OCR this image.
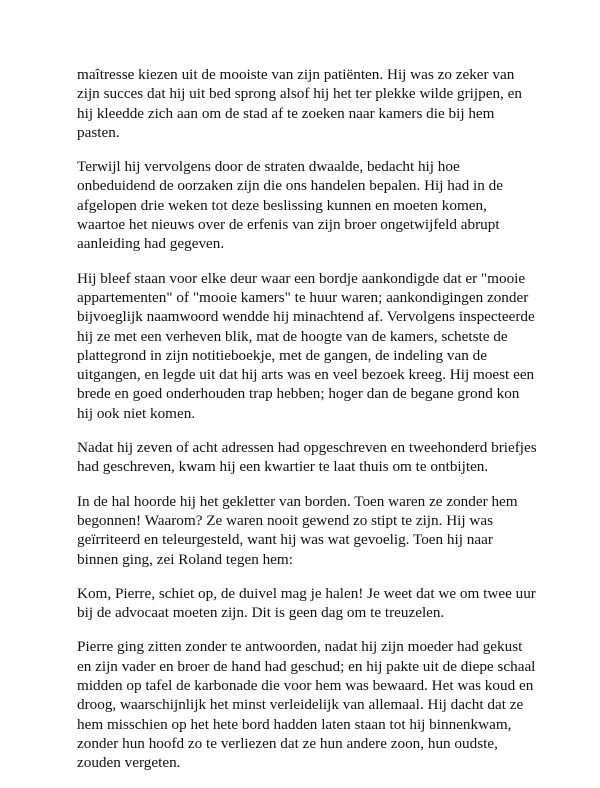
maîtresse kiezen uit de mooiste van zijn patiënten. Hij was zo zeker van zijn succes dat hij uit bed sprong alsof hij het ter plekke wilde grijpen, en hij kleedde zich aan om de stad af te zoeken naar kamers die bij hem pasten.

Terwijl hij vervolgens door de straten dwaalde, bedacht hij hoe onbeduidend de oorzaken zijn die ons handelen bepalen. Hij had in de afgelopen drie weken tot deze beslissing kunnen en moeten komen, waartoe het nieuws over de erfenis van zijn broer ongetwijfeld abrupt aanleiding had gegeven.

Hij bleef staan voor elke deur waar een bordje aankondigde dat er "mooie appartementen" of "mooie kamers" te huur waren; aankondigingen zonder bijvoeglijk naamwoord wendde hij minachtend af. Vervolgens inspecteerde hij ze met een verheven blik, mat de hoogte van de kamers, schetste de plattegrond in zijn notitieboekje, met de gangen, de indeling van de uitgangen, en legde uit dat hij arts was en veel bezoek kreeg. Hij moest een brede en goed onderhouden trap hebben; hoger dan de begane grond kon hij ook niet komen.

Nadat hij zeven of acht adressen had opgeschreven en tweehonderd briefjes had geschreven, kwam hij een kwartier te laat thuis om te ontbijten.

In de hal hoorde hij het gekletter van borden. Toen waren ze zonder hem begonnen! Waarom? Ze waren nooit gewend zo stipt te zijn. Hij was geïrriteerd en teleurgesteld, want hij was wat gevoelig. Toen hij naar binnen ging, zei Roland tegen hem:

Kom, Pierre, schiet op, de duivel mag je halen! Je weet dat we om twee uur bij de advocaat moeten zijn. Dit is geen dag om te treuzelen.

Pierre ging zitten zonder te antwoorden, nadat hij zijn moeder had gekust en zijn vader en broer de hand had geschud; en hij pakte uit de diepe schaal midden op tafel de karbonade die voor hem was bewaard. Het was koud en droog, waarschijnlijk het minst verleidelijk van allemaal. Hij dacht dat ze hem misschien op het hete bord hadden laten staan tot hij binnenkwam, zonder hun hoofd zo te verliezen dat ze hun andere zoon, hun oudste, zouden vergeten.
